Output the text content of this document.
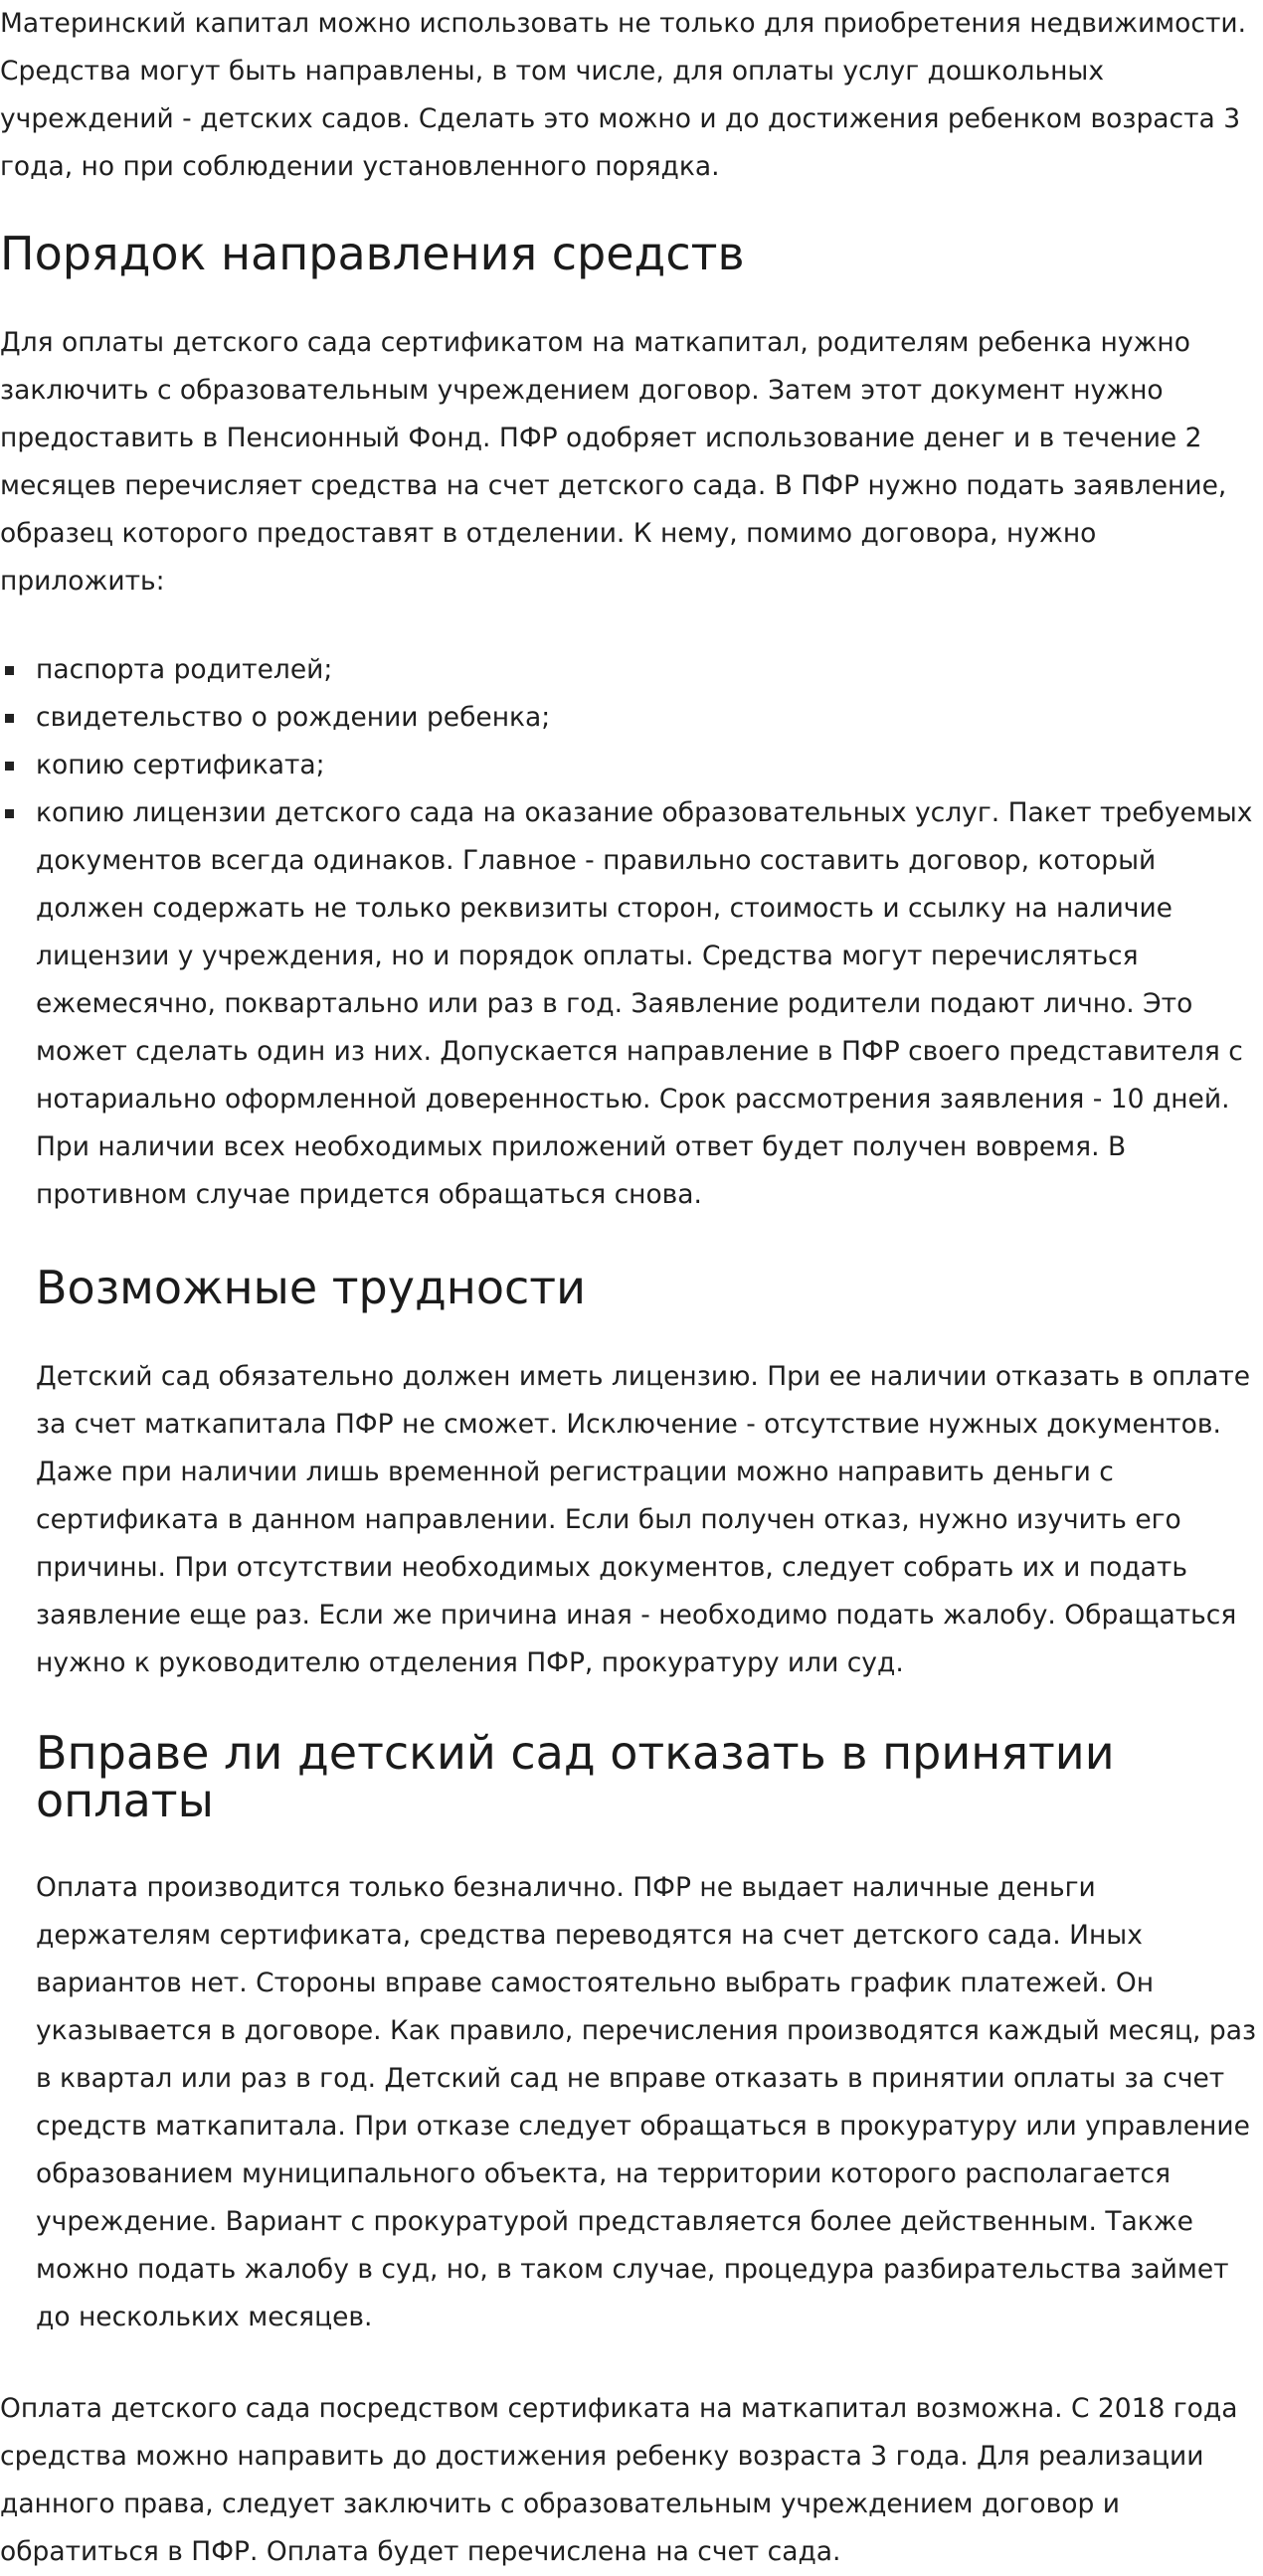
Материнский капитал можно использовать не только для приобретения недвижимости. Средства могут быть направлены, в том числе, для оплаты услуг дошкольных учреждений - детских садов. Сделать это можно и до достижения ребенком возраста 3 года, но при соблюдении установленного порядка.

Порядок направления средств

Для оплаты детского сада сертификатом на маткапитал, родителям ребенка нужно заключить с образовательным учреждением договор. Затем этот документ нужно предоставить в Пенсионный Фонд. ПФР одобряет использование денег и в течение 2 месяцев перечисляет средства на счет детского сада. В ПФР нужно подать заявление, образец которого предоставят в отделении. К нему, помимо договора, нужно приложить:

паспорта родителей;
свидетельство о рождении ребенка;
копию сертификата;
копию лицензии детского сада на оказание образовательных услуг. Пакет требуемых документов всегда одинаков. Главное - правильно составить договор, который должен содержать не только реквизиты сторон, стоимость и ссылку на наличие лицензии у учреждения, но и порядок оплаты. Средства могут перечисляться ежемесячно, поквартально или раз в год. Заявление родители подают лично. Это может сделать один из них. Допускается направление в ПФР своего представителя с нотариально оформленной доверенностью. Срок рассмотрения заявления - 10 дней. При наличии всех необходимых приложений ответ будет получен вовремя. В противном случае придется обращаться снова.
Возможные трудности

Детский сад обязательно должен иметь лицензию. При ее наличии отказать в оплате за счет маткапитала ПФР не сможет. Исключение - отсутствие нужных документов. Даже при наличии лишь временной регистрации можно направить деньги с сертификата в данном направлении. Если был получен отказ, нужно изучить его причины. При отсутствии необходимых документов, следует собрать их и подать заявление еще раз. Если же причина иная - необходимо подать жалобу. Обращаться нужно к руководителю отделения ПФР, прокуратуру или суд.

Вправе ли детский сад отказать в принятии оплаты

Оплата производится только безналично. ПФР не выдает наличные деньги держателям сертификата, средства переводятся на счет детского сада. Иных вариантов нет. Стороны вправе самостоятельно выбрать график платежей. Он указывается в договоре. Как правило, перечисления производятся каждый месяц, раз в квартал или раз в год. Детский сад не вправе отказать в принятии оплаты за счет средств маткапитала. При отказе следует обращаться в прокуратуру или управление образованием муниципального объекта, на территории которого располагается учреждение. Вариант с прокуратурой представляется более действенным. Также можно подать жалобу в суд, но, в таком случае, процедура разбирательства займет до нескольких месяцев.

Оплата детского сада посредством сертификата на маткапитал возможна. С 2018 года средства можно направить до достижения ребенку возраста 3 года. Для реализации данного права, следует заключить с образовательным учреждением договор и обратиться в ПФР. Оплата будет перечислена на счет сада.
